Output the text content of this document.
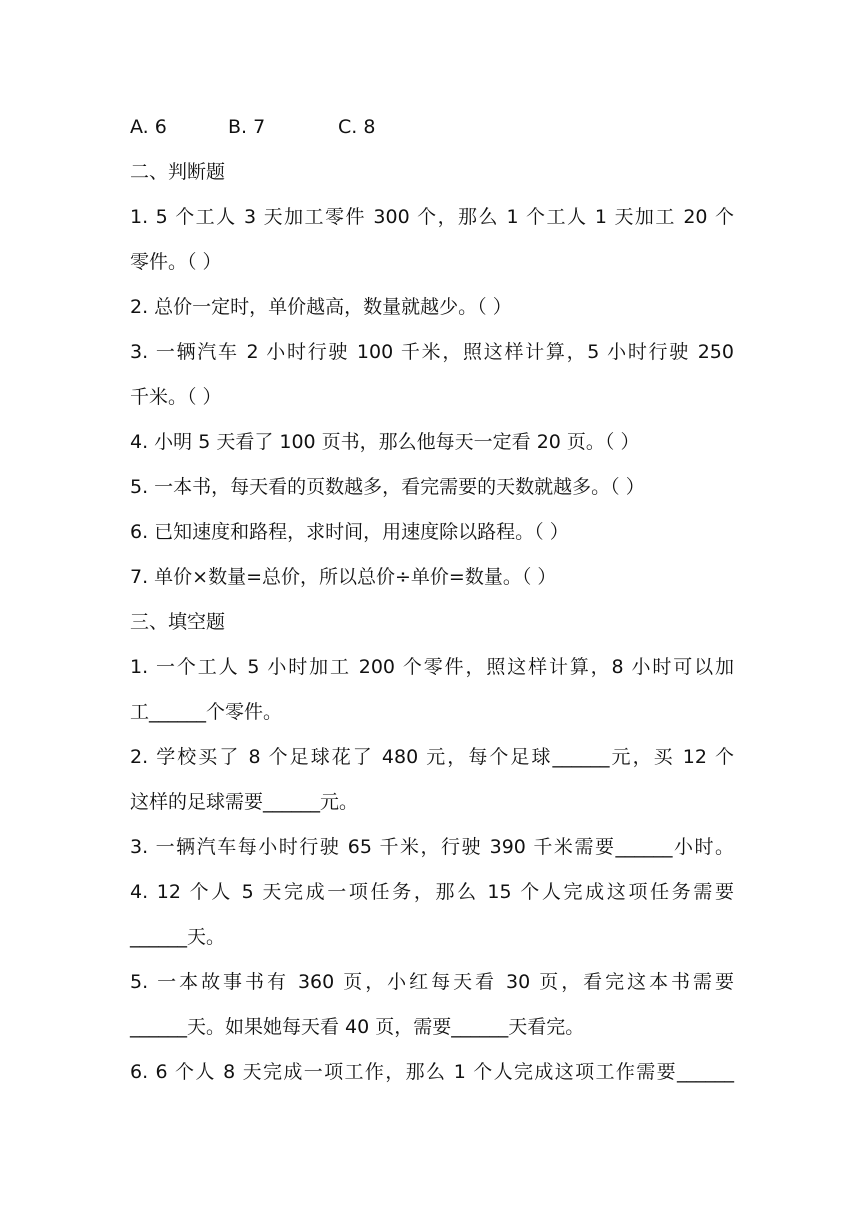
A. 6	B. 7	C. 8
二、判断题
1. 5 个工人 3 天加工零件 300 个，那么 1 个工人 1 天加工 20 个
零件。（ ）
2. 总价一定时，单价越高，数量就越少。（ ）
3. 一辆汽车 2 小时行驶 100 千米，照这样计算，5 小时行驶 250
千米。（ ）
4. 小明 5 天看了 100 页书，那么他每天一定看 20 页。（ ）
5. 一本书，每天看的页数越多，看完需要的天数就越多。（ ）
6. 已知速度和路程，求时间，用速度除以路程。（ ）
7. 单价×数量=总价，所以总价÷单价=数量。（ ）
三、填空题
1. 一个工人 5 小时加工 200 个零件，照这样计算，8 小时可以加
工______个零件。
2. 学校买了 8 个足球花了 480 元，每个足球______元，买 12 个
这样的足球需要______元。
3. 一辆汽车每小时行驶 65 千米，行驶 390 千米需要______小时。
4. 12 个人 5 天完成一项任务，那么 15 个人完成这项任务需要
______天。
5. 一本故事书有 360 页，小红每天看 30 页，看完这本书需要
______天。如果她每天看 40 页，需要______天看完。
6. 6 个人 8 天完成一项工作，那么 1 个人完成这项工作需要______
